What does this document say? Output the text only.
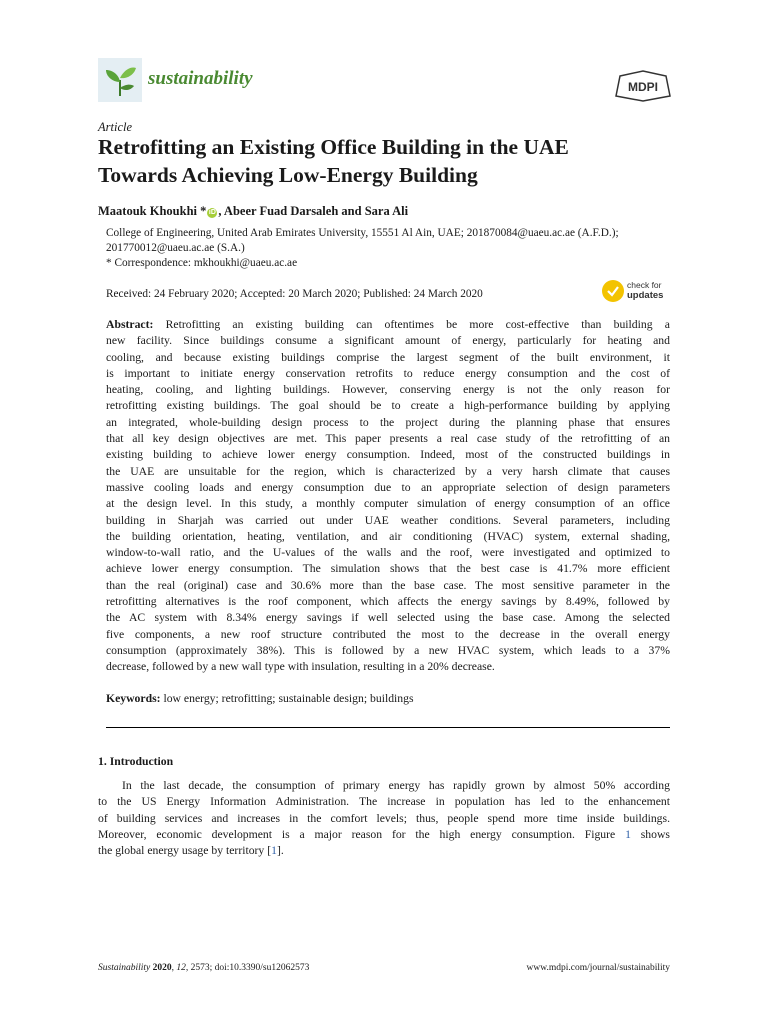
sustainability	MDPI
Article
Retrofitting an Existing Office Building in the UAE
Towards Achieving Low-Energy Building
Maatouk Khoukhi * iD , Abeer Fuad Darsaleh and Sara Ali
College of Engineering, United Arab Emirates University, 15551 Al Ain, UAE; 201870084@uaeu.ac.ae (A.F.D.);
201770012@uaeu.ac.ae (S.A.)
* Correspondence: mkhoukhi@uaeu.ac.ae
Received: 24 February 2020; Accepted: 20 March 2020; Published: 24 March 2020
check for
updates
Abstract: Retrofitting an existing building can oftentimes be more cost-effective than building a
new facility. Since buildings consume a significant amount of energy, particularly for heating and
cooling, and because existing buildings comprise the largest segment of the built environment, it
is important to initiate energy conservation retrofits to reduce energy consumption and the cost of
heating, cooling, and lighting buildings. However, conserving energy is not the only reason for
retrofitting existing buildings. The goal should be to create a high-performance building by applying
an integrated, whole-building design process to the project during the planning phase that ensures
that all key design objectives are met. This paper presents a real case study of the retrofitting of an
existing building to achieve lower energy consumption. Indeed, most of the constructed buildings in
the UAE are unsuitable for the region, which is characterized by a very harsh climate that causes
massive cooling loads and energy consumption due to an appropriate selection of design parameters
at the design level. In this study, a monthly computer simulation of energy consumption of an office
building in Sharjah was carried out under UAE weather conditions. Several parameters, including
the building orientation, heating, ventilation, and air conditioning (HVAC) system, external shading,
window-to-wall ratio, and the U-values of the walls and the roof, were investigated and optimized to
achieve lower energy consumption. The simulation shows that the best case is 41.7% more efficient
than the real (original) case and 30.6% more than the base case. The most sensitive parameter in the
retrofitting alternatives is the roof component, which affects the energy savings by 8.49%, followed by
the AC system with 8.34% energy savings if well selected using the base case. Among the selected
five components, a new roof structure contributed the most to the decrease in the overall energy
consumption (approximately 38%). This is followed by a new HVAC system, which leads to a 37%
decrease, followed by a new wall type with insulation, resulting in a 20% decrease.
Keywords: low energy; retrofitting; sustainable design; buildings
1. Introduction
In the last decade, the consumption of primary energy has rapidly grown by almost 50% according
to the US Energy Information Administration. The increase in population has led to the enhancement
of building services and increases in the comfort levels; thus, people spend more time inside buildings.
Moreover, economic development is a major reason for the high energy consumption. Figure 1 shows
the global energy usage by territory [1].
Sustainability 2020, 12, 2573; doi:10.3390/su12062573	www.mdpi.com/journal/sustainability
